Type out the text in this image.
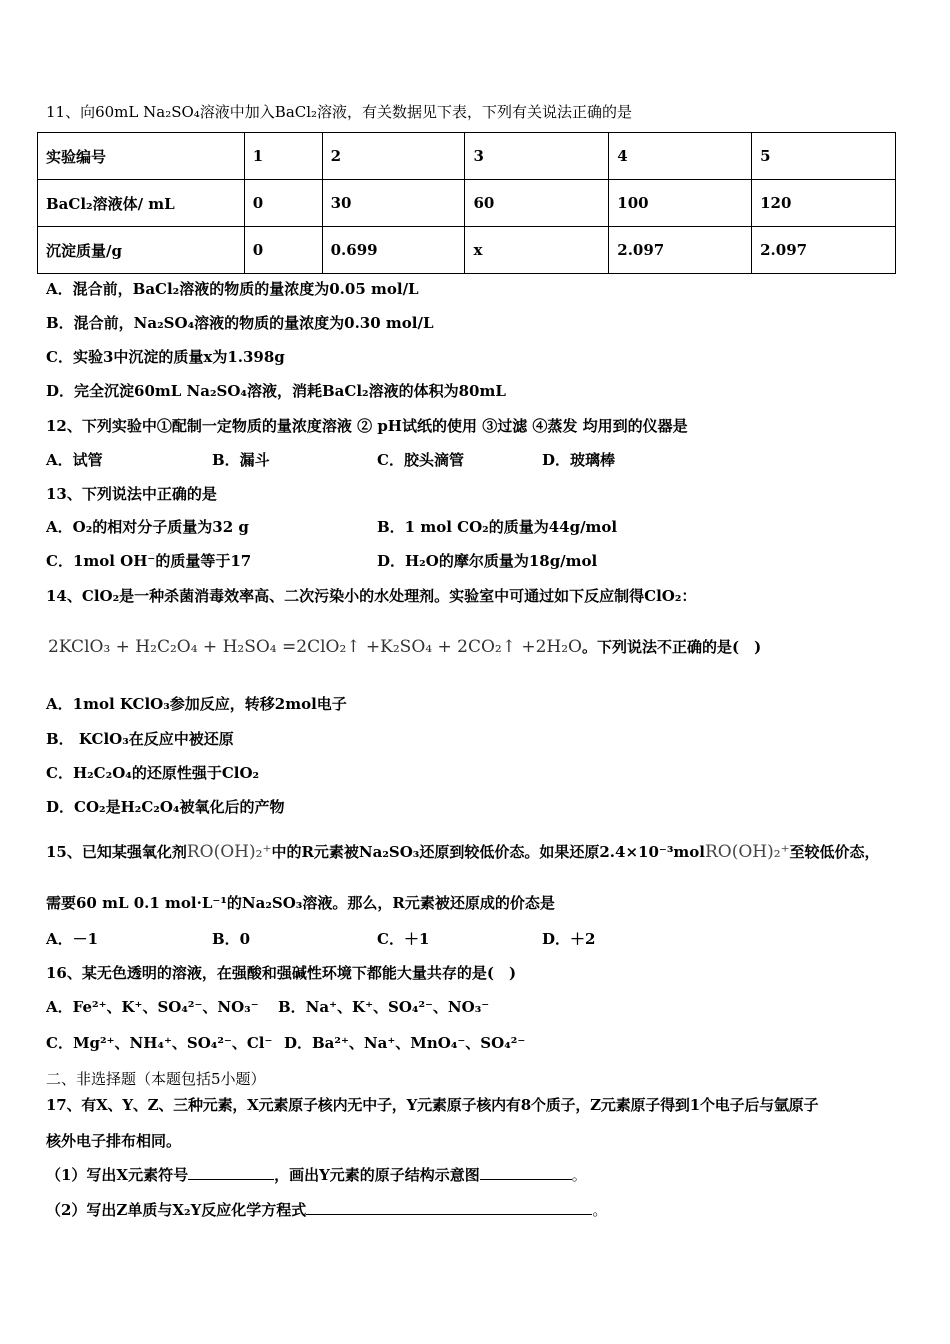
11、向60mL Na₂SO₄溶液中加入BaCl₂溶液，有关数据见下表，下列有关说法正确的是
实验编号	1	2	3	4	5
BaCl₂溶液体/ mL	0	30	60	100	120
沉淀质量/g	0	0.699	x	2.097	2.097
A．混合前，BaCl₂溶液的物质的量浓度为0.05 mol/L
B．混合前，Na₂SO₄溶液的物质的量浓度为0.30 mol/L
C．实验3中沉淀的质量x为1.398g
D．完全沉淀60mL Na₂SO₄溶液，消耗BaCl₂溶液的体积为80mL
12、下列实验中①配制一定物质的量浓度溶液 ② pH试纸的使用 ③过滤 ④蒸发 均用到的仪器是
A．试管	B．漏斗	C．胶头滴管	D．玻璃棒
13、下列说法中正确的是
A．O₂的相对分子质量为32 g	B．1 mol CO₂的质量为44g/mol
C．1mol OH⁻的质量等于17	D．H₂O的摩尔质量为18g/mol
14、ClO₂是一种杀菌消毒效率高、二次污染小的水处理剂。实验室中可通过如下反应制得ClO₂：
2KClO₃ + H₂C₂O₄ + H₂SO₄ =2ClO₂↑ +K₂SO₄ + 2CO₂↑ +2H₂O。下列说法不正确的是(　)
A．1mol KClO₃参加反应，转移2mol电子
B． KClO₃在反应中被还原
C．H₂C₂O₄的还原性强于ClO₂
D．CO₂是H₂C₂O₄被氧化后的产物
15、已知某强氧化剂RO(OH)₂⁺中的R元素被Na₂SO₃还原到较低价态。如果还原2.4×10⁻³molRO(OH)₂⁺至较低价态，
需要60 mL 0.1 mol·L⁻¹的Na₂SO₃溶液。那么，R元素被还原成的价态是
A．－1	B．0	C．＋1	D．＋2
16、某无色透明的溶液，在强酸和强碱性环境下都能大量共存的是(　)
A．Fe²⁺、K⁺、SO₄²⁻、NO₃⁻ B．Na⁺、K⁺、SO₄²⁻、NO₃⁻
C．Mg²⁺、NH₄⁺、SO₄²⁻、Cl⁻ D．Ba²⁺、Na⁺、MnO₄⁻、SO₄²⁻
二、非选择题（本题包括5小题）
17、有X、Y、Z、三种元素，X元素原子核内无中子，Y元素原子核内有8个质子，Z元素原子得到1个电子后与氩原子
核外电子排布相同。
（1）写出X元素符号	，画出Y元素的原子结构示意图	。
（2）写出Z单质与X₂Y反应化学方程式	。
